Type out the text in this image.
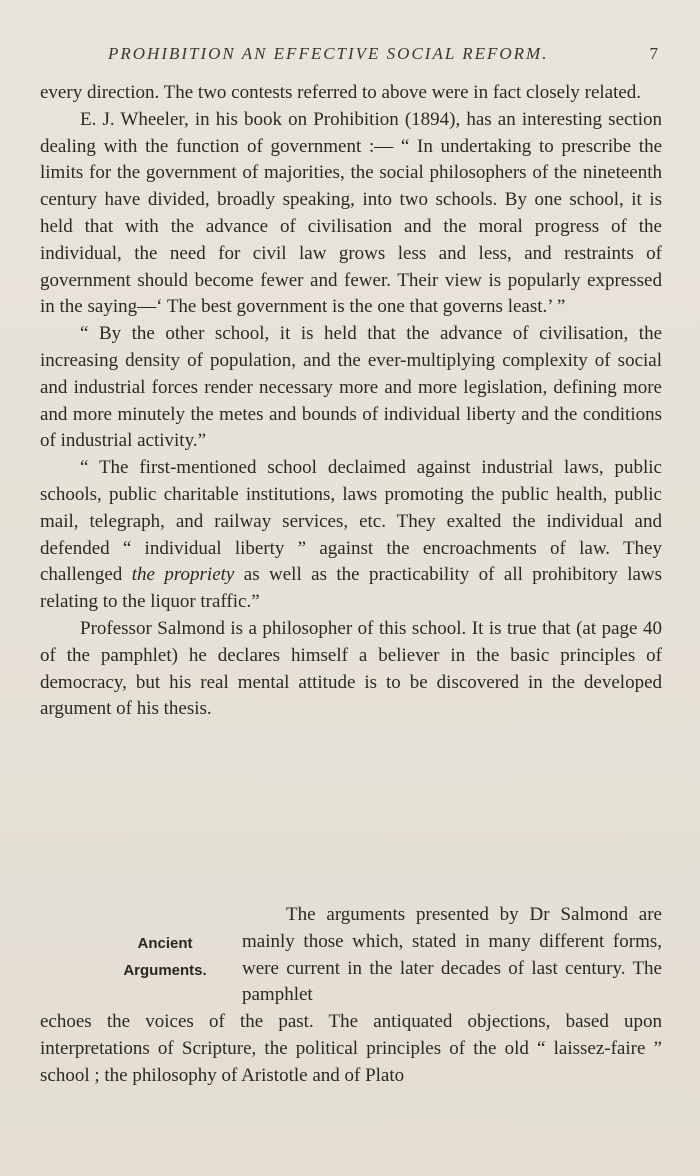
PROHIBITION AN EFFECTIVE SOCIAL REFORM.	7

every direction. The two contests referred to above were in fact closely related.

E. J. Wheeler, in his book on Prohibition (1894), has an interesting section dealing with the function of government :— “ In undertaking to prescribe the limits for the government of majorities, the social philosophers of the nineteenth century have divided, broadly speaking, into two schools. By one school, it is held that with the advance of civilisation and the moral progress of the individual, the need for civil law grows less and less, and restraints of government should become fewer and fewer. Their view is popularly expressed in the saying—‘ The best government is the one that governs least.’ ”

“ By the other school, it is held that the advance of civilisation, the increasing density of population, and the ever-multiplying complexity of social and industrial forces render necessary more and more legislation, defining more and more minutely the metes and bounds of individual liberty and the conditions of industrial activity.”

“ The first-mentioned school declaimed against industrial laws, public schools, public charitable institutions, laws promoting the public health, public mail, telegraph, and railway services, etc. They exalted the individual and defended “ individual liberty ” against the encroachments of law. They challenged the propriety as well as the practicability of all prohibitory laws relating to the liquor traffic.”

Professor Salmond is a philosopher of this school. It is true that (at page 40 of the pamphlet) he declares himself a believer in the basic principles of democracy, but his real mental attitude is to be discovered in the developed argument of his thesis.

Ancient
Arguments.

The arguments presented by Dr Salmond are mainly those which, stated in many different forms, were current in the later decades of last century. The pamphlet

echoes the voices of the past. The antiquated objections, based upon interpretations of Scripture, the political principles of the old “ laissez-faire ” school ; the philosophy of Aristotle and of Plato
